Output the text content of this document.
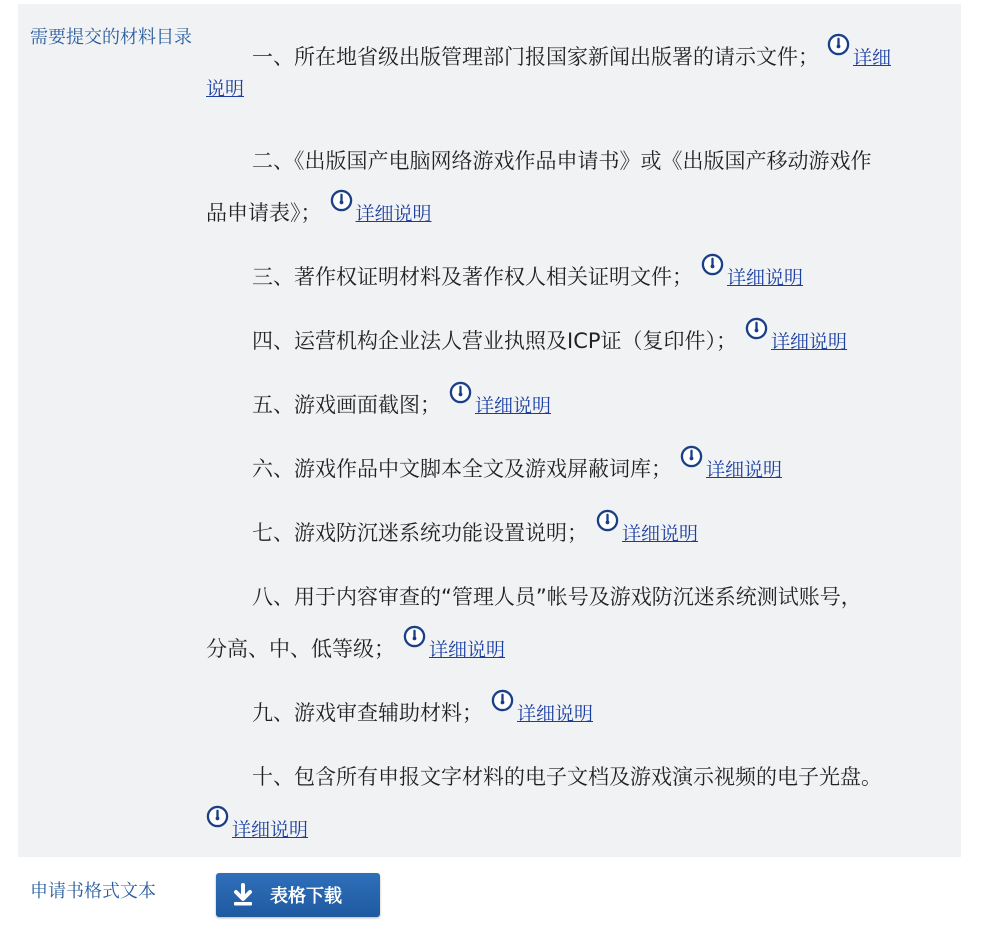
需要提交的材料目录
一、所在地省级出版管理部门报国家新闻出版署的请示文件； 详细
说明
二、《出版国产电脑网络游戏作品申请书》或《出版国产移动游戏作
品申请表》； 详细说明
三、著作权证明材料及著作权人相关证明文件； 详细说明
四、运营机构企业法人营业执照及ICP证（复印件）； 详细说明
五、游戏画面截图； 详细说明
六、游戏作品中文脚本全文及游戏屏蔽词库； 详细说明
七、游戏防沉迷系统功能设置说明； 详细说明
八、用于内容审查的“管理人员”帐号及游戏防沉迷系统测试账号，
分高、中、低等级； 详细说明
九、游戏审查辅助材料； 详细说明
十、包含所有申报文字材料的电子文档及游戏演示视频的电子光盘。
详细说明
申请书格式文本	表格下载
